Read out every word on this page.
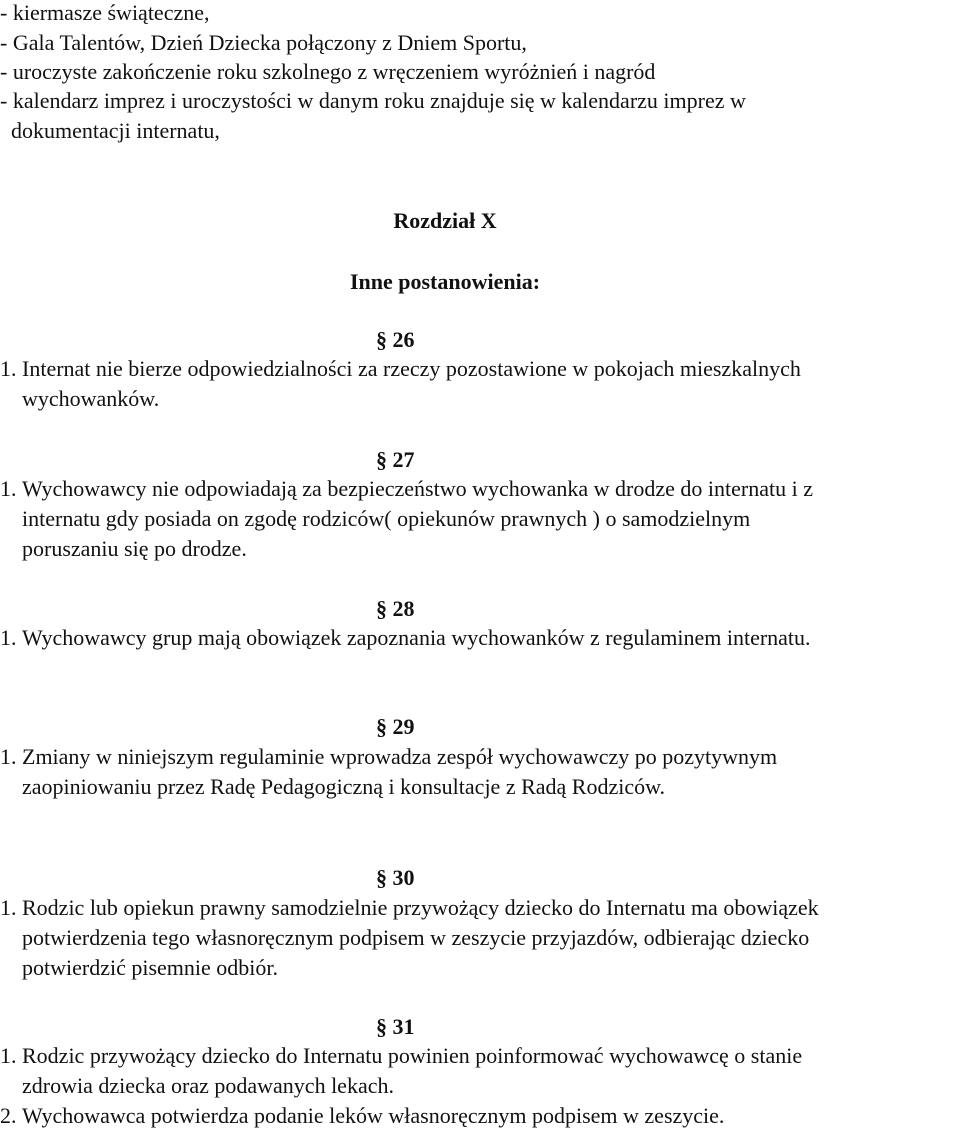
- kiermasze świąteczne,
- Gala Talentów, Dzień Dziecka połączony z Dniem Sportu,
- uroczyste zakończenie roku szkolnego z wręczeniem wyróżnień i nagród
- kalendarz imprez i uroczystości w danym roku znajduje się w kalendarzu imprez w
dokumentacji internatu,
Rozdział X
Inne postanowienia:
§ 26
1. Internat nie bierze odpowiedzialności za rzeczy pozostawione w pokojach mieszkalnych
wychowanków.
§ 27
1. Wychowawcy nie odpowiadają za bezpieczeństwo wychowanka w drodze do internatu i z
internatu gdy posiada on zgodę rodziców( opiekunów prawnych ) o samodzielnym
poruszaniu się po drodze.
§ 28
1. Wychowawcy grup mają obowiązek zapoznania wychowanków z regulaminem internatu.
§ 29
1. Zmiany w niniejszym regulaminie wprowadza zespół wychowawczy po pozytywnym
zaopiniowaniu przez Radę Pedagogiczną i konsultacje z Radą Rodziców.
§ 30
1. Rodzic lub opiekun prawny samodzielnie przywożący dziecko do Internatu ma obowiązek
potwierdzenia tego własnoręcznym podpisem w zeszycie przyjazdów, odbierając dziecko
potwierdzić pisemnie odbiór.
§ 31
1. Rodzic przywożący dziecko do Internatu powinien poinformować wychowawcę o stanie
zdrowia dziecka oraz podawanych lekach.
2. Wychowawca potwierdza podanie leków własnoręcznym podpisem w zeszycie.
